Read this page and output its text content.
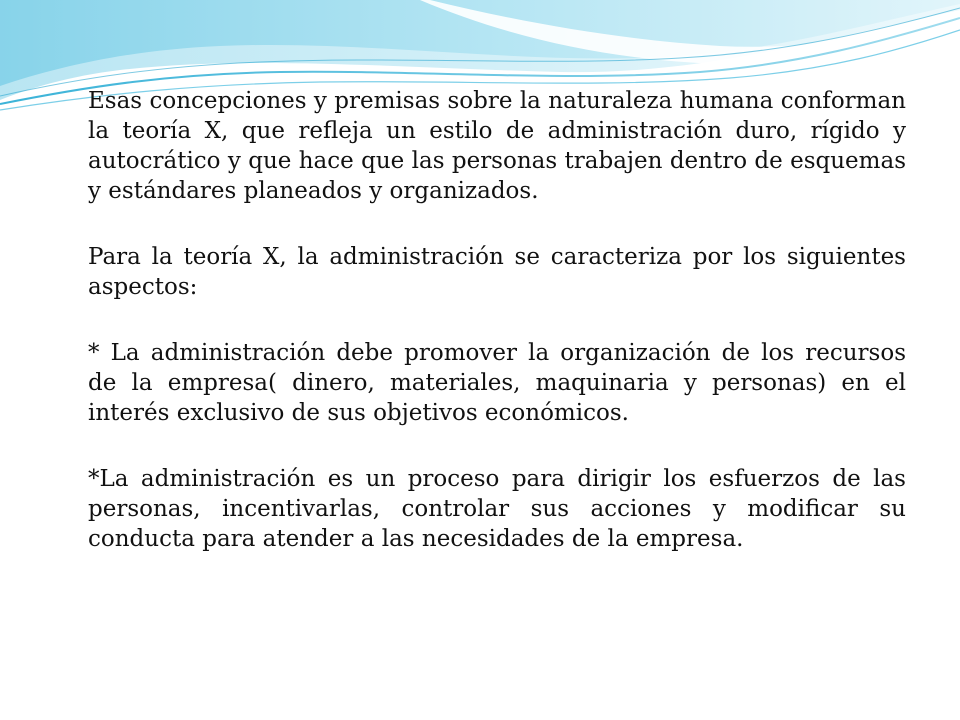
Esas concepciones y premisas sobre la naturaleza humana conforman la teoría X, que refleja un estilo de administración duro, rígido y autocrático y que hace que las personas trabajen dentro de esquemas y estándares planeados y organizados.

Para la teoría X, la administración se caracteriza por los siguientes aspectos:

* La administración debe promover la organización de los recursos de la empresa( dinero, materiales, maquinaria y personas) en el interés exclusivo de sus objetivos económicos.

*La administración es un proceso para dirigir los esfuerzos de las personas, incentivarlas, controlar sus acciones y modificar su conducta para atender a las necesidades de la empresa.
